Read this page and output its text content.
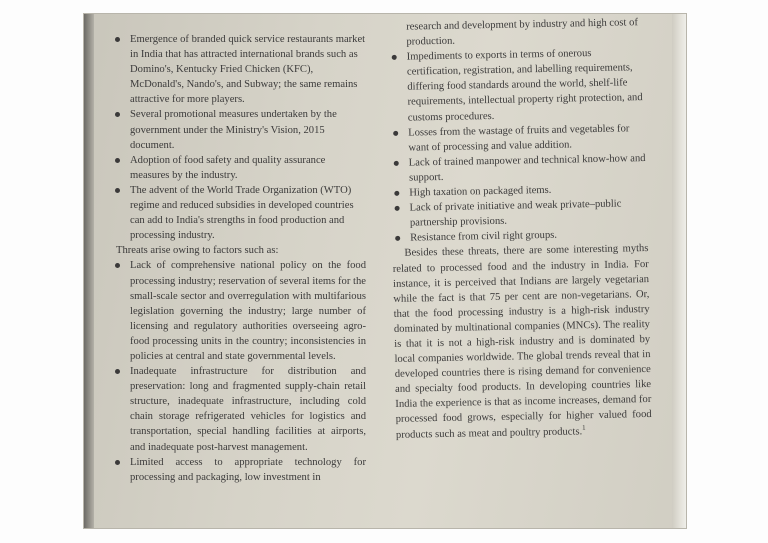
Emergence of branded quick service restaurants market in India that has attracted international brands such as Domino's, Kentucky Fried Chicken (KFC), McDonald's, Nando's, and Subway; the same remains attractive for more players.

Several promotional measures undertaken by the government under the Ministry's Vision, 2015 document.

Adoption of food safety and quality assurance measures by the industry.

The advent of the World Trade Organization (WTO) regime and reduced subsidies in developed countries can add to India's strengths in food production and processing industry.

Threats arise owing to factors such as:

Lack of comprehensive national policy on the food processing industry; reservation of several items for the small-scale sector and overregulation with multifarious legislation governing the industry; large number of licensing and regulatory authorities overseeing agro-food processing units in the country; inconsistencies in policies at central and state governmental levels.

Inadequate infrastructure for distribution and preservation: long and fragmented supply-chain retail structure, inadequate infrastructure, including cold chain storage refrigerated vehicles for logistics and transportation, special handling facilities at airports, and inadequate post-harvest management.

Limited access to appropriate technology for processing and packaging, low investment in

research and development by industry and high cost of production.

Impediments to exports in terms of onerous certification, registration, and labelling requirements, differing food standards around the world, shelf-life requirements, intellectual property right protection, and customs procedures.

Losses from the wastage of fruits and vegetables for want of processing and value addition.

Lack of trained manpower and technical know-how and support.

High taxation on packaged items.

Lack of private initiative and weak private–public partnership provisions.

Resistance from civil right groups.

Besides these threats, there are some interesting myths related to processed food and the industry in India. For instance, it is perceived that Indians are largely vegetarian while the fact is that 75 per cent are non-vegetarians. Or, that the food processing industry is a high-risk industry dominated by multinational companies (MNCs). The reality is that it is not a high-risk industry and is dominated by local companies worldwide. The global trends reveal that in developed countries there is rising demand for convenience and specialty food products. In developing countries like India the experience is that as income increases, demand for processed food grows, especially for higher valued food products such as meat and poultry products.$^1$
